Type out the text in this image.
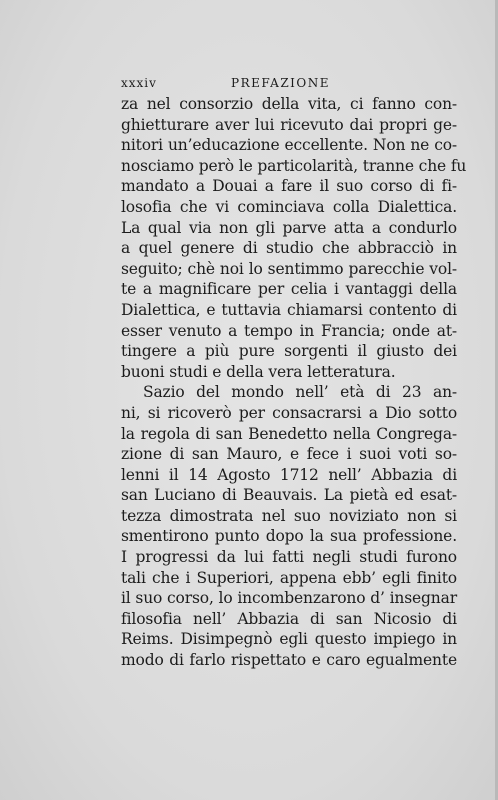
xxxiv	PREFAZIONE
za nel consorzio della vita, ci fanno con-
ghietturare aver lui ricevuto dai propri ge-
nitori un’educazione eccellente. Non ne co-
nosciamo però le particolarità, tranne che fu
mandato a Douai a fare il suo corso di fi-
losofia che vi cominciava colla Dialettica.
La qual via non gli parve atta a condurlo
a quel genere di studio che abbracciò in
seguito; chè noi lo sentimmo parecchie vol-
te a magnificare per celia i vantaggi della
Dialettica, e tuttavia chiamarsi contento di
esser venuto a tempo in Francia; onde at-
tingere a più pure sorgenti il giusto dei
buoni studi e della vera letteratura.
Sazio del mondo nell’ età di 23 an-
ni, si ricoverò per consacrarsi a Dio sotto
la regola di san Benedetto nella Congrega-
zione di san Mauro, e fece i suoi voti so-
lenni il 14 Agosto 1712 nell’ Abbazia di
san Luciano di Beauvais. La pietà ed esat-
tezza dimostrata nel suo noviziato non si
smentirono punto dopo la sua professione.
I progressi da lui fatti negli studi furono
tali che i Superiori, appena ebb’ egli finito
il suo corso, lo incombenzarono d’ insegnar
filosofia nell’ Abbazia di san Nicosio di
Reims. Disimpegnò egli questo impiego in
modo di farlo rispettato e caro egualmente
